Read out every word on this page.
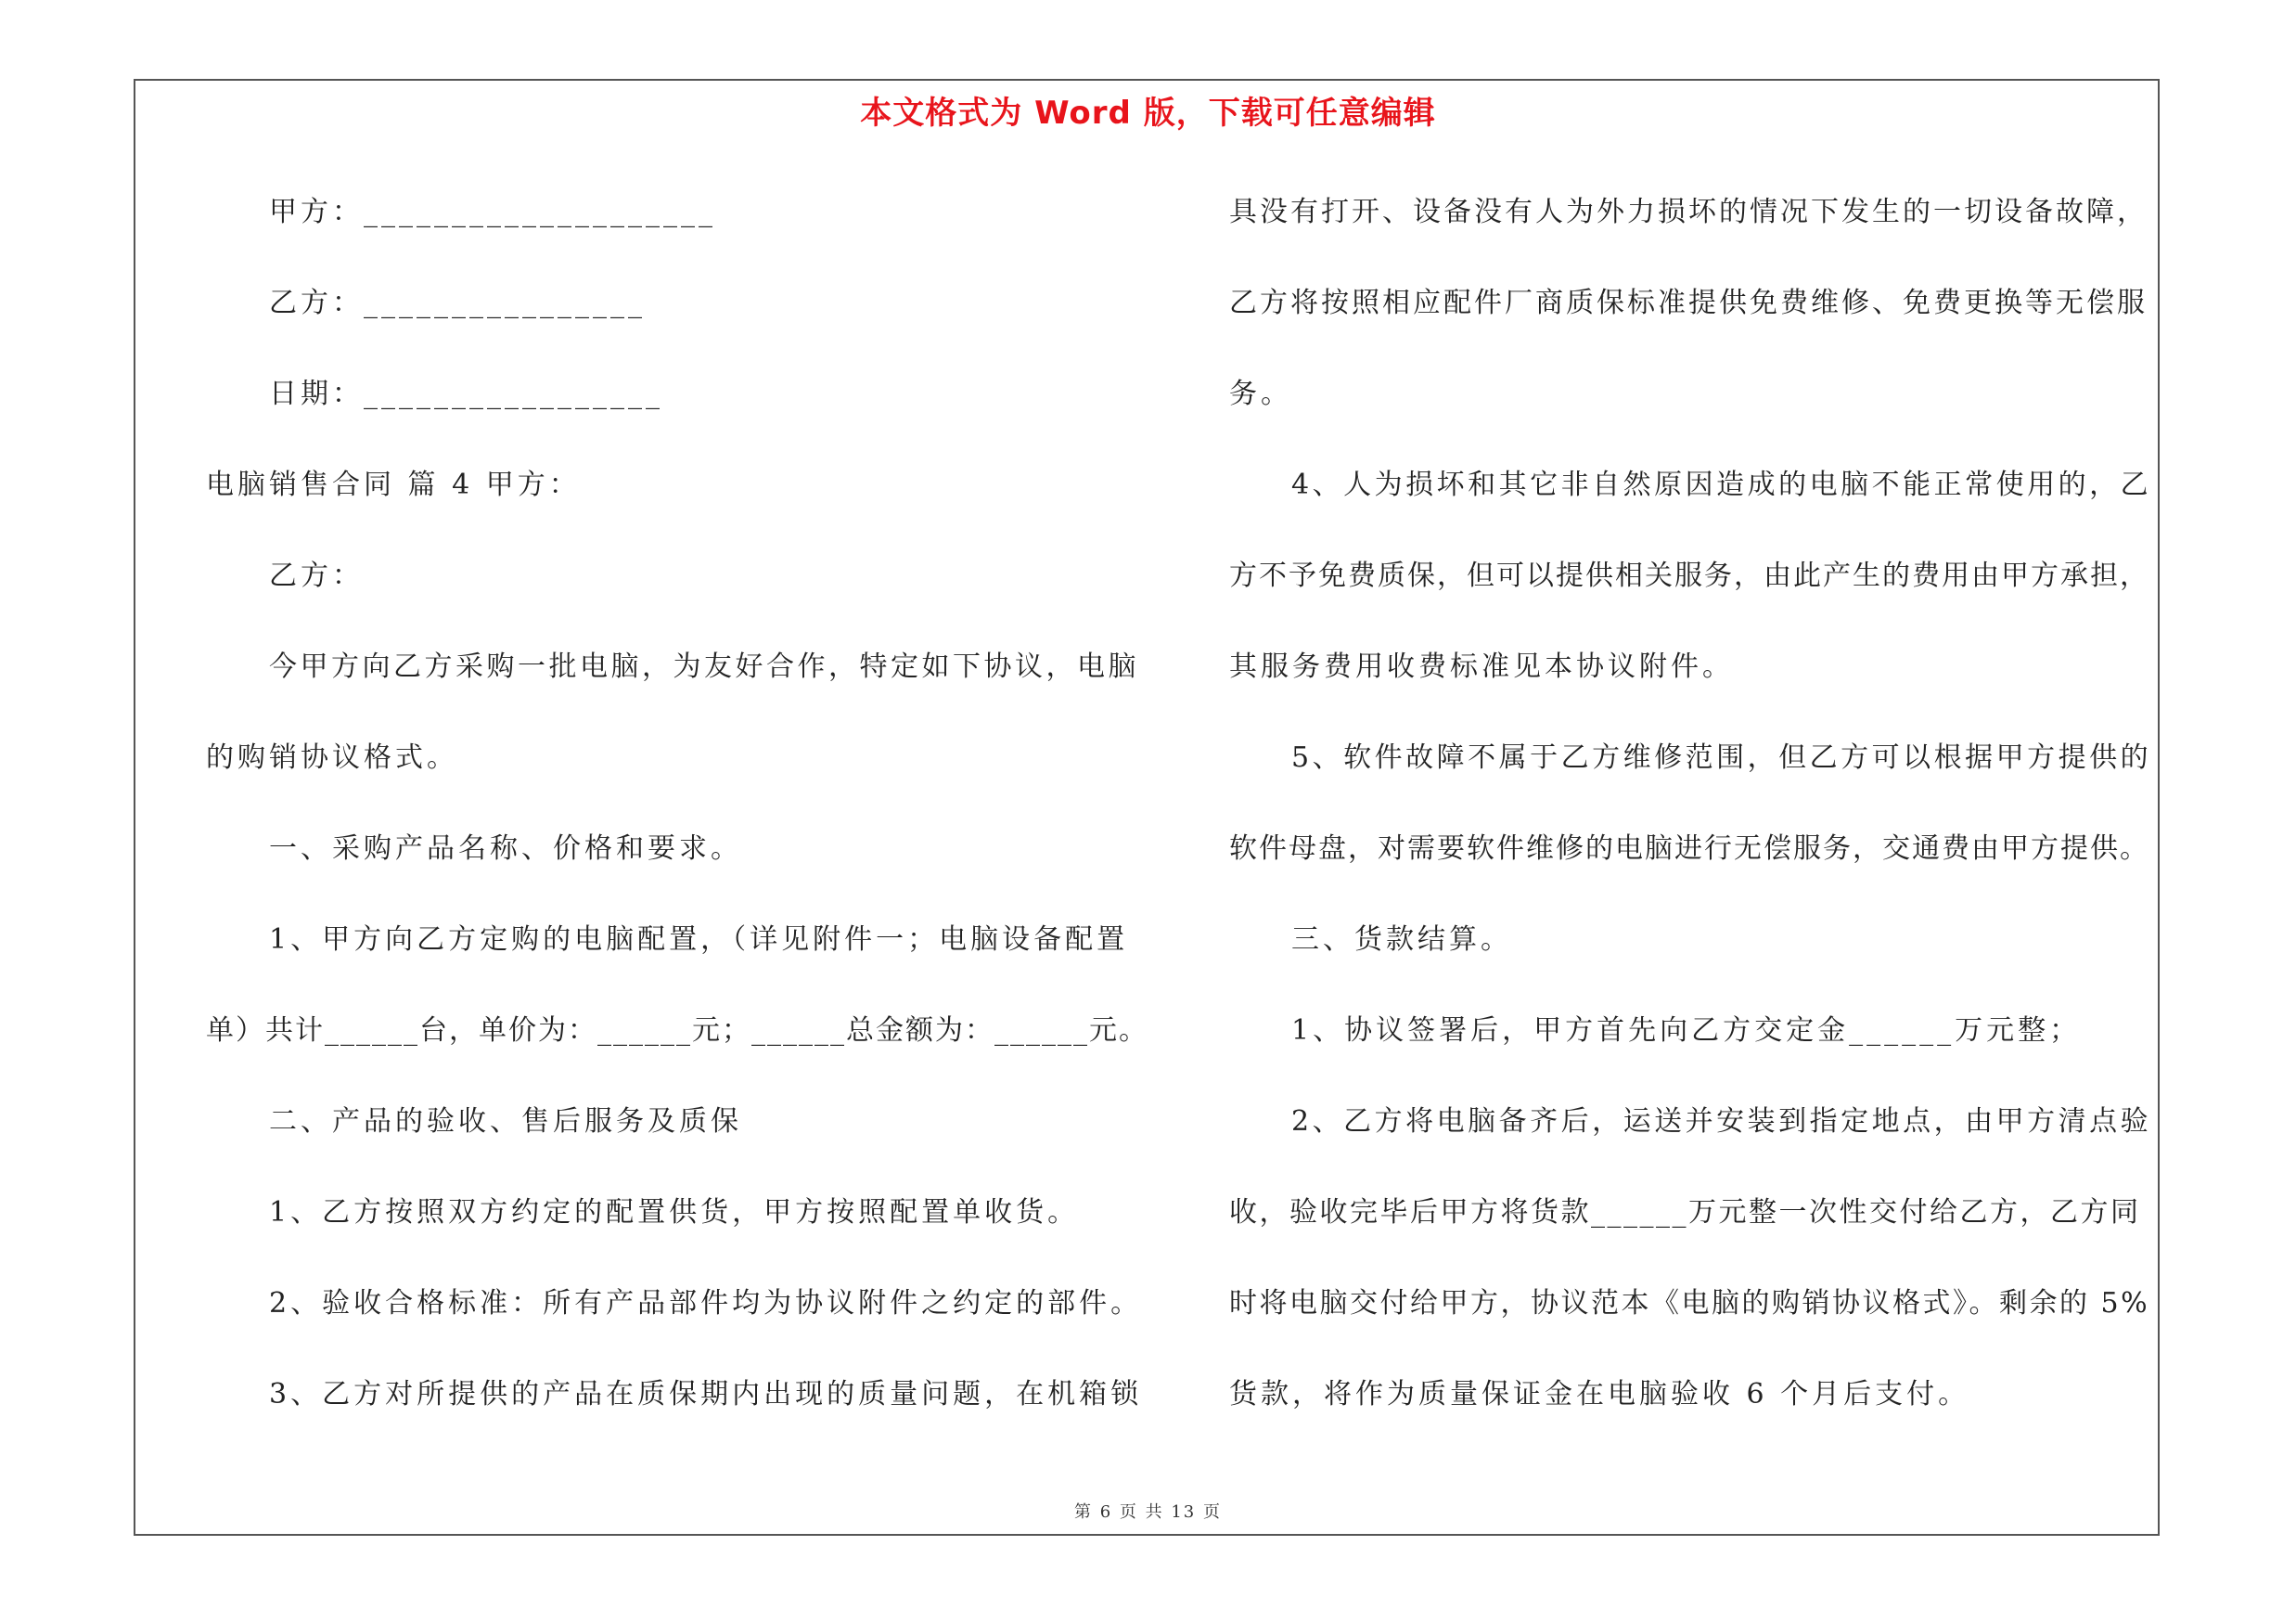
本文格式为 Word 版，下载可任意编辑
甲方：____________________
乙方：________________
日期：_________________
电脑销售合同 篇 4 甲方：
乙方：
今甲方向乙方采购一批电脑，为友好合作，特定如下协议，电脑
的购销协议格式。
一、采购产品名称、价格和要求。
1、甲方向乙方定购的电脑配置，（详见附件一；电脑设备配置
单）共计______台，单价为：______元；______总金额为：______元。
二、产品的验收、售后服务及质保
1、乙方按照双方约定的配置供货，甲方按照配置单收货。
2、验收合格标准：所有产品部件均为协议附件之约定的部件。
3、乙方对所提供的产品在质保期内出现的质量问题，在机箱锁
具没有打开、设备没有人为外力损坏的情况下发生的一切设备故障，
乙方将按照相应配件厂商质保标准提供免费维修、免费更换等无偿服
务。
4、人为损坏和其它非自然原因造成的电脑不能正常使用的，乙
方不予免费质保，但可以提供相关服务，由此产生的费用由甲方承担，
其服务费用收费标准见本协议附件。
5、软件故障不属于乙方维修范围，但乙方可以根据甲方提供的
软件母盘，对需要软件维修的电脑进行无偿服务，交通费由甲方提供。
三、货款结算。
1、协议签署后，甲方首先向乙方交定金______万元整；
2、乙方将电脑备齐后，运送并安装到指定地点，由甲方清点验
收，验收完毕后甲方将货款______万元整一次性交付给乙方，乙方同
时将电脑交付给甲方，协议范本《电脑的购销协议格式》。剩余的 5%
货款，将作为质量保证金在电脑验收 6 个月后支付。
第 6 页 共 13 页
